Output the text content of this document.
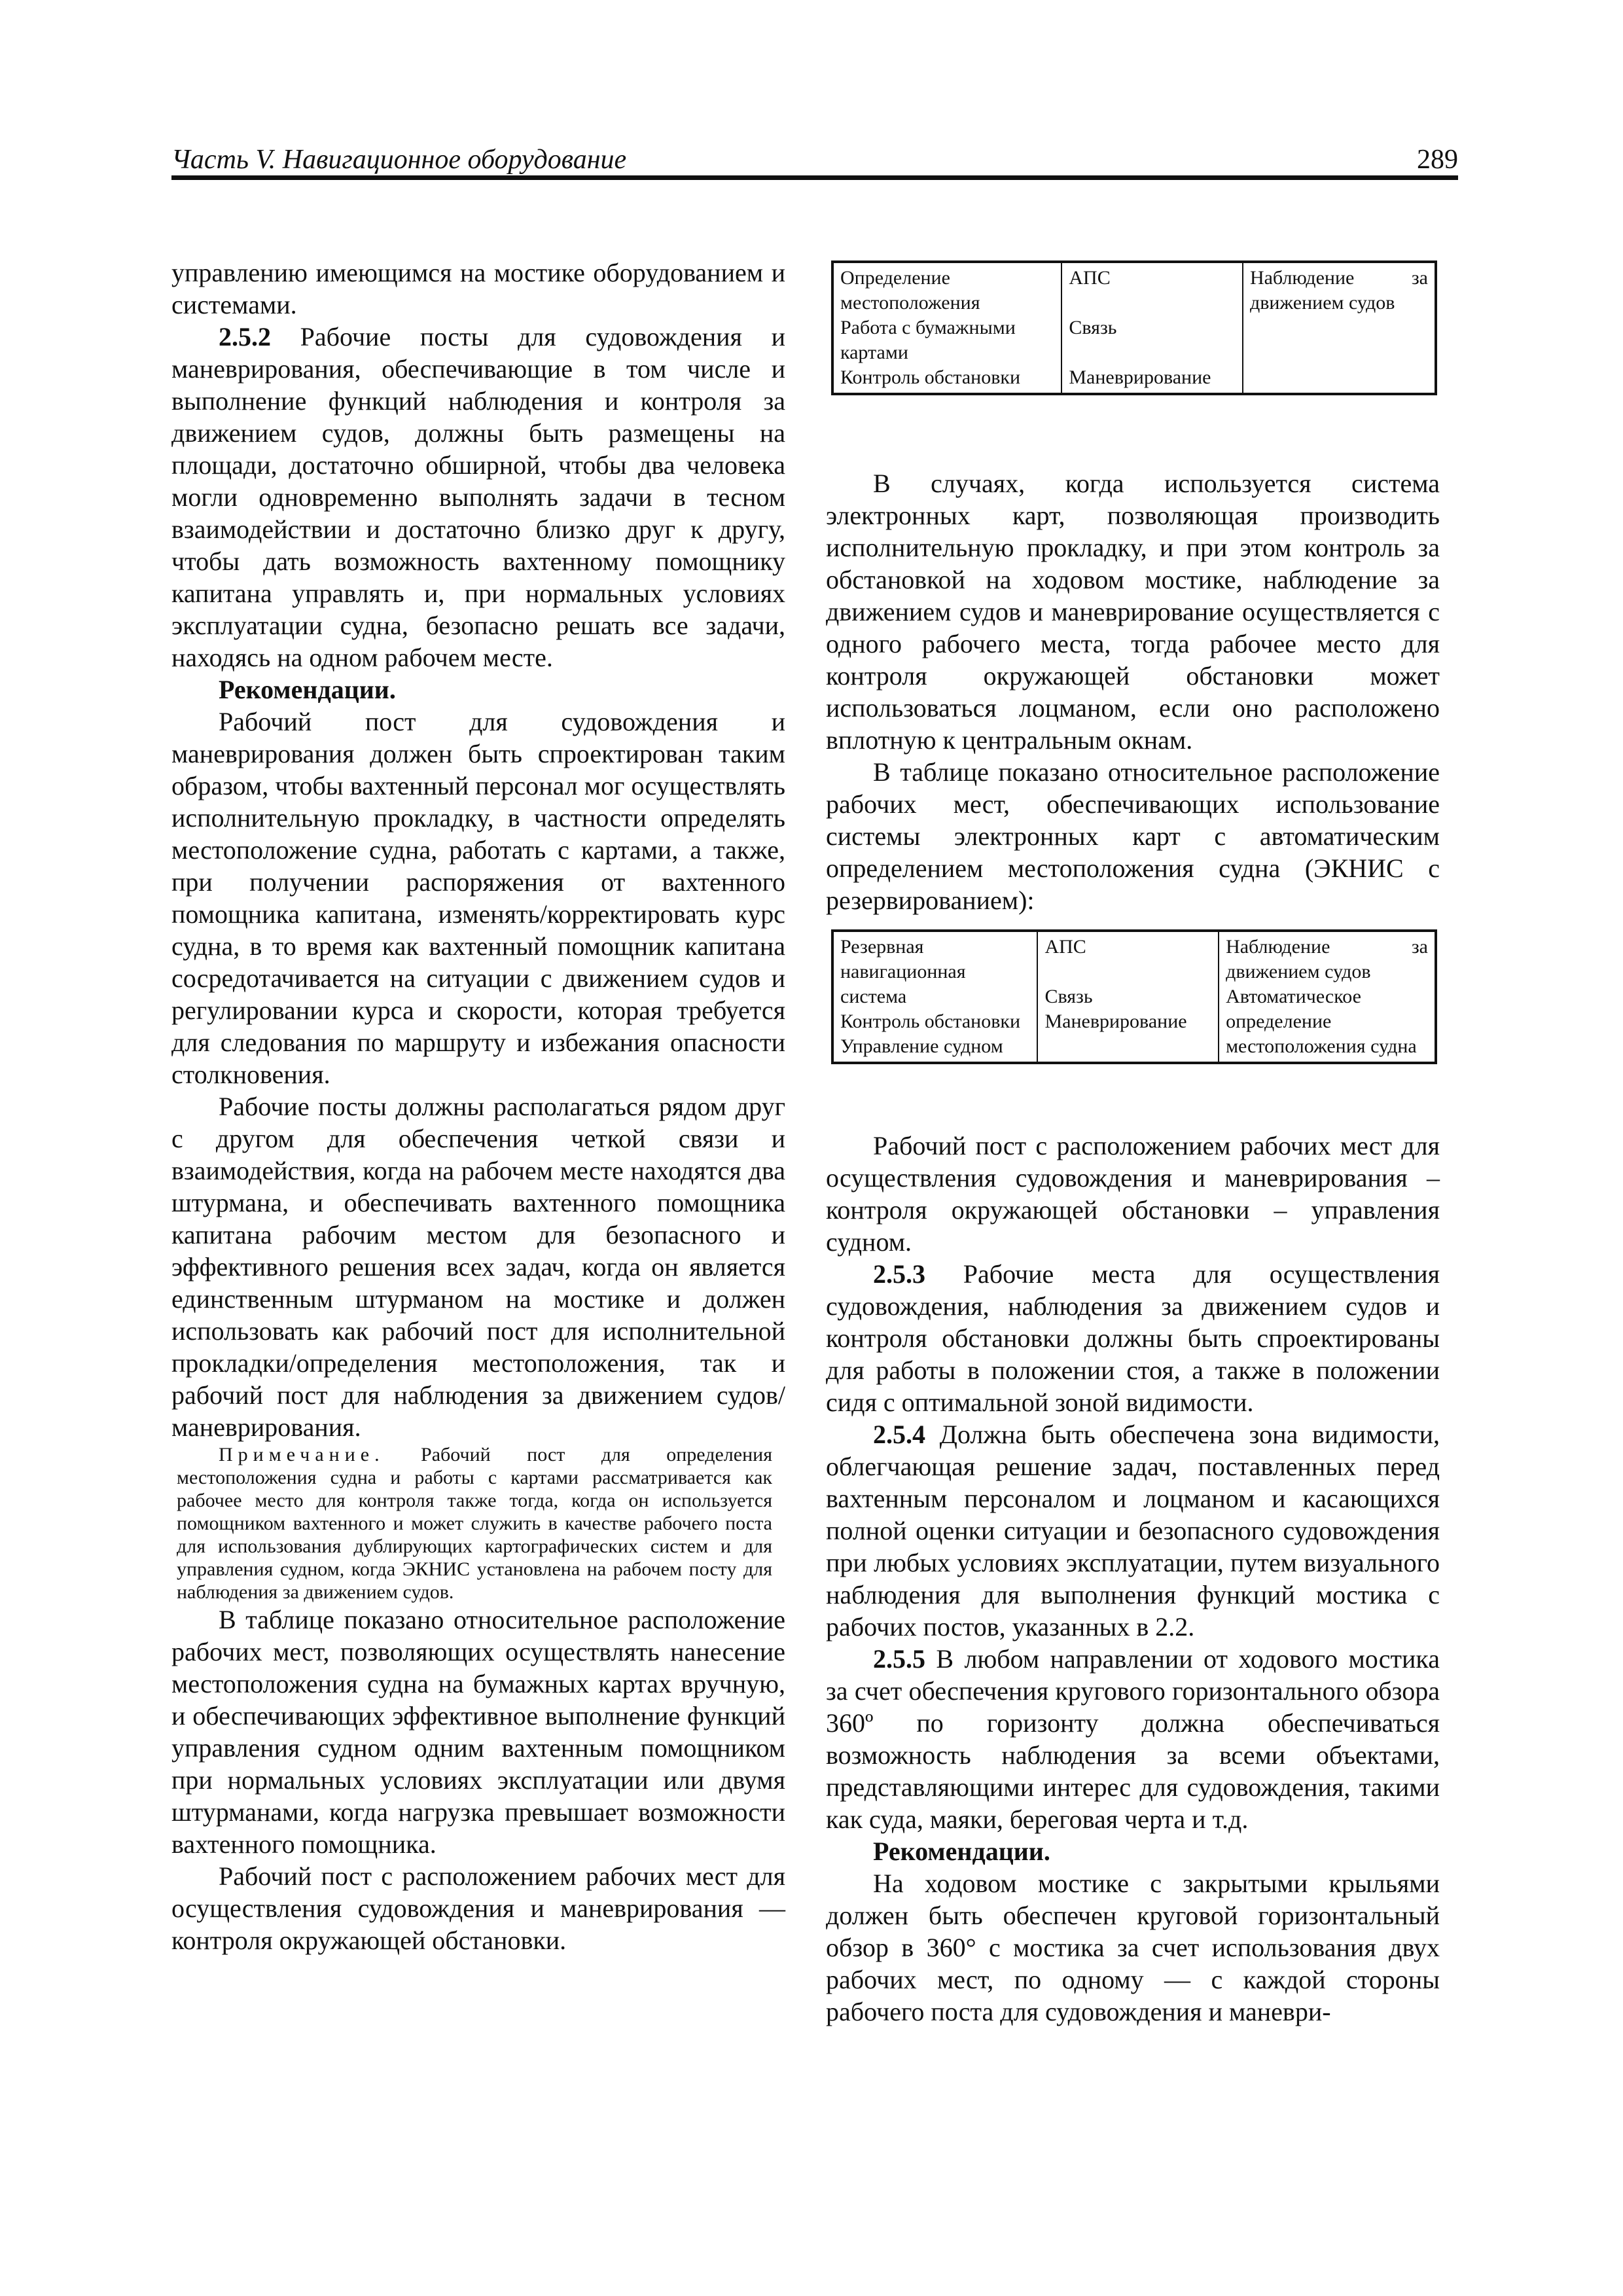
Часть V. Навигационное оборудование	289

управлению имеющимся на мостике оборудованием и системами.

2.5.2 Рабочие посты для судовождения и маневрирования, обеспечивающие в том числе и выполнение функций наблюдения и контроля за движением судов, должны быть размещены на площади, достаточно обширной, чтобы два человека могли одновременно выполнять задачи в тесном взаимодействии и достаточно близко друг к другу, чтобы дать возможность вахтенному помощнику капитана управлять и, при нормальных условиях эксплуатации судна, безопасно решать все задачи, находясь на одном рабочем месте.

Рекомендации.

Рабочий пост для судовождения и маневрирования должен быть спроектирован таким образом, чтобы вахтенный персонал мог осуществлять исполнительную прокладку, в частности определять местоположение судна, работать с картами, а также, при получении распоряжения от вахтенного помощника капитана, изменять/корректировать курс судна, в то время как вахтенный помощник капитана сосредотачивается на ситуации с движением судов и регулировании курса и скорости, которая требуется для следования по маршруту и избежания опасности столкновения.

Рабочие посты должны располагаться рядом друг с другом для обеспечения четкой связи и взаимодействия, когда на рабочем месте находятся два штурмана, и обеспечивать вахтенного помощника капитана рабочим местом для безопасного и эффективного решения всех задач, когда он является единственным штурманом на мостике и должен использовать как рабочий пост для исполнительной прокладки/определения местоположения, так и рабочий пост для наблюдения за движением судов/маневрирования.

Примечание. Рабочий пост для определения местоположения судна и работы с картами рассматривается как рабочее место для контроля также тогда, когда он используется помощником вахтенного и может служить в качестве рабочего поста для использования дублирующих картографических систем и для управления судном, когда ЭКНИС установлена на рабочем посту для наблюдения за движением судов.

В таблице показано относительное расположение рабочих мест, позволяющих осуществлять нанесение местоположения судна на бумажных картах вручную, и обеспечивающих эффективное выполнение функций управления судном одним вахтенным помощником при нормальных условиях эксплуатации или двумя штурманами, когда нагрузка превышает возможности вахтенного помощника.

Рабочий пост с расположением рабочих мест для осуществления судовождения и маневрирования — контроля окружающей обстановки.

Определение местоположения
Работа с бумажными картами
Контроль обстановки

АПС
Связь
Маневрирование

Наблюдение за движением судов

В случаях, когда используется система электронных карт, позволяющая производить исполнительную прокладку, и при этом контроль за обстановкой на ходовом мостике, наблюдение за движением судов и маневрирование осуществляется с одного рабочего места, тогда рабочее место для контроля окружающей обстановки может использоваться лоцманом, если оно расположено вплотную к центральным окнам.

В таблице показано относительное расположение рабочих мест, обеспечивающих использование системы электронных карт с автоматическим определением местоположения судна (ЭКНИС с резервированием):

Резервная навигационная система
Контроль обстановки
Управление судном

АПС
Связь
Маневрирование

Наблюдение за движением судов
Автоматическое определение местоположения судна

Рабочий пост с расположением рабочих мест для осуществления судовождения и маневрирования – контроля окружающей обстановки – управления судном.

2.5.3 Рабочие места для осуществления судовождения, наблюдения за движением судов и контроля обстановки должны быть спроектированы для работы в положении стоя, а также в положении сидя с оптимальной зоной видимости.

2.5.4 Должна быть обеспечена зона видимости, облегчающая решение задач, поставленных перед вахтенным персоналом и лоцманом и касающихся полной оценки ситуации и безопасного судовождения при любых условиях эксплуатации, путем визуального наблюдения для выполнения функций мостика с рабочих постов, указанных в 2.2.

2.5.5 В любом направлении от ходового мостика за счет обеспечения кругового горизонтального обзора 360º по горизонту должна обеспечиваться возможность наблюдения за всеми объектами, представляющими интерес для судовождения, такими как суда, маяки, береговая черта и т.д.

Рекомендации.

На ходовом мостике с закрытыми крыльями должен быть обеспечен круговой горизонтальный обзор в 360° с мостика за счет использования двух рабочих мест, по одному — с каждой стороны рабочего поста для судовождения и маневри-
